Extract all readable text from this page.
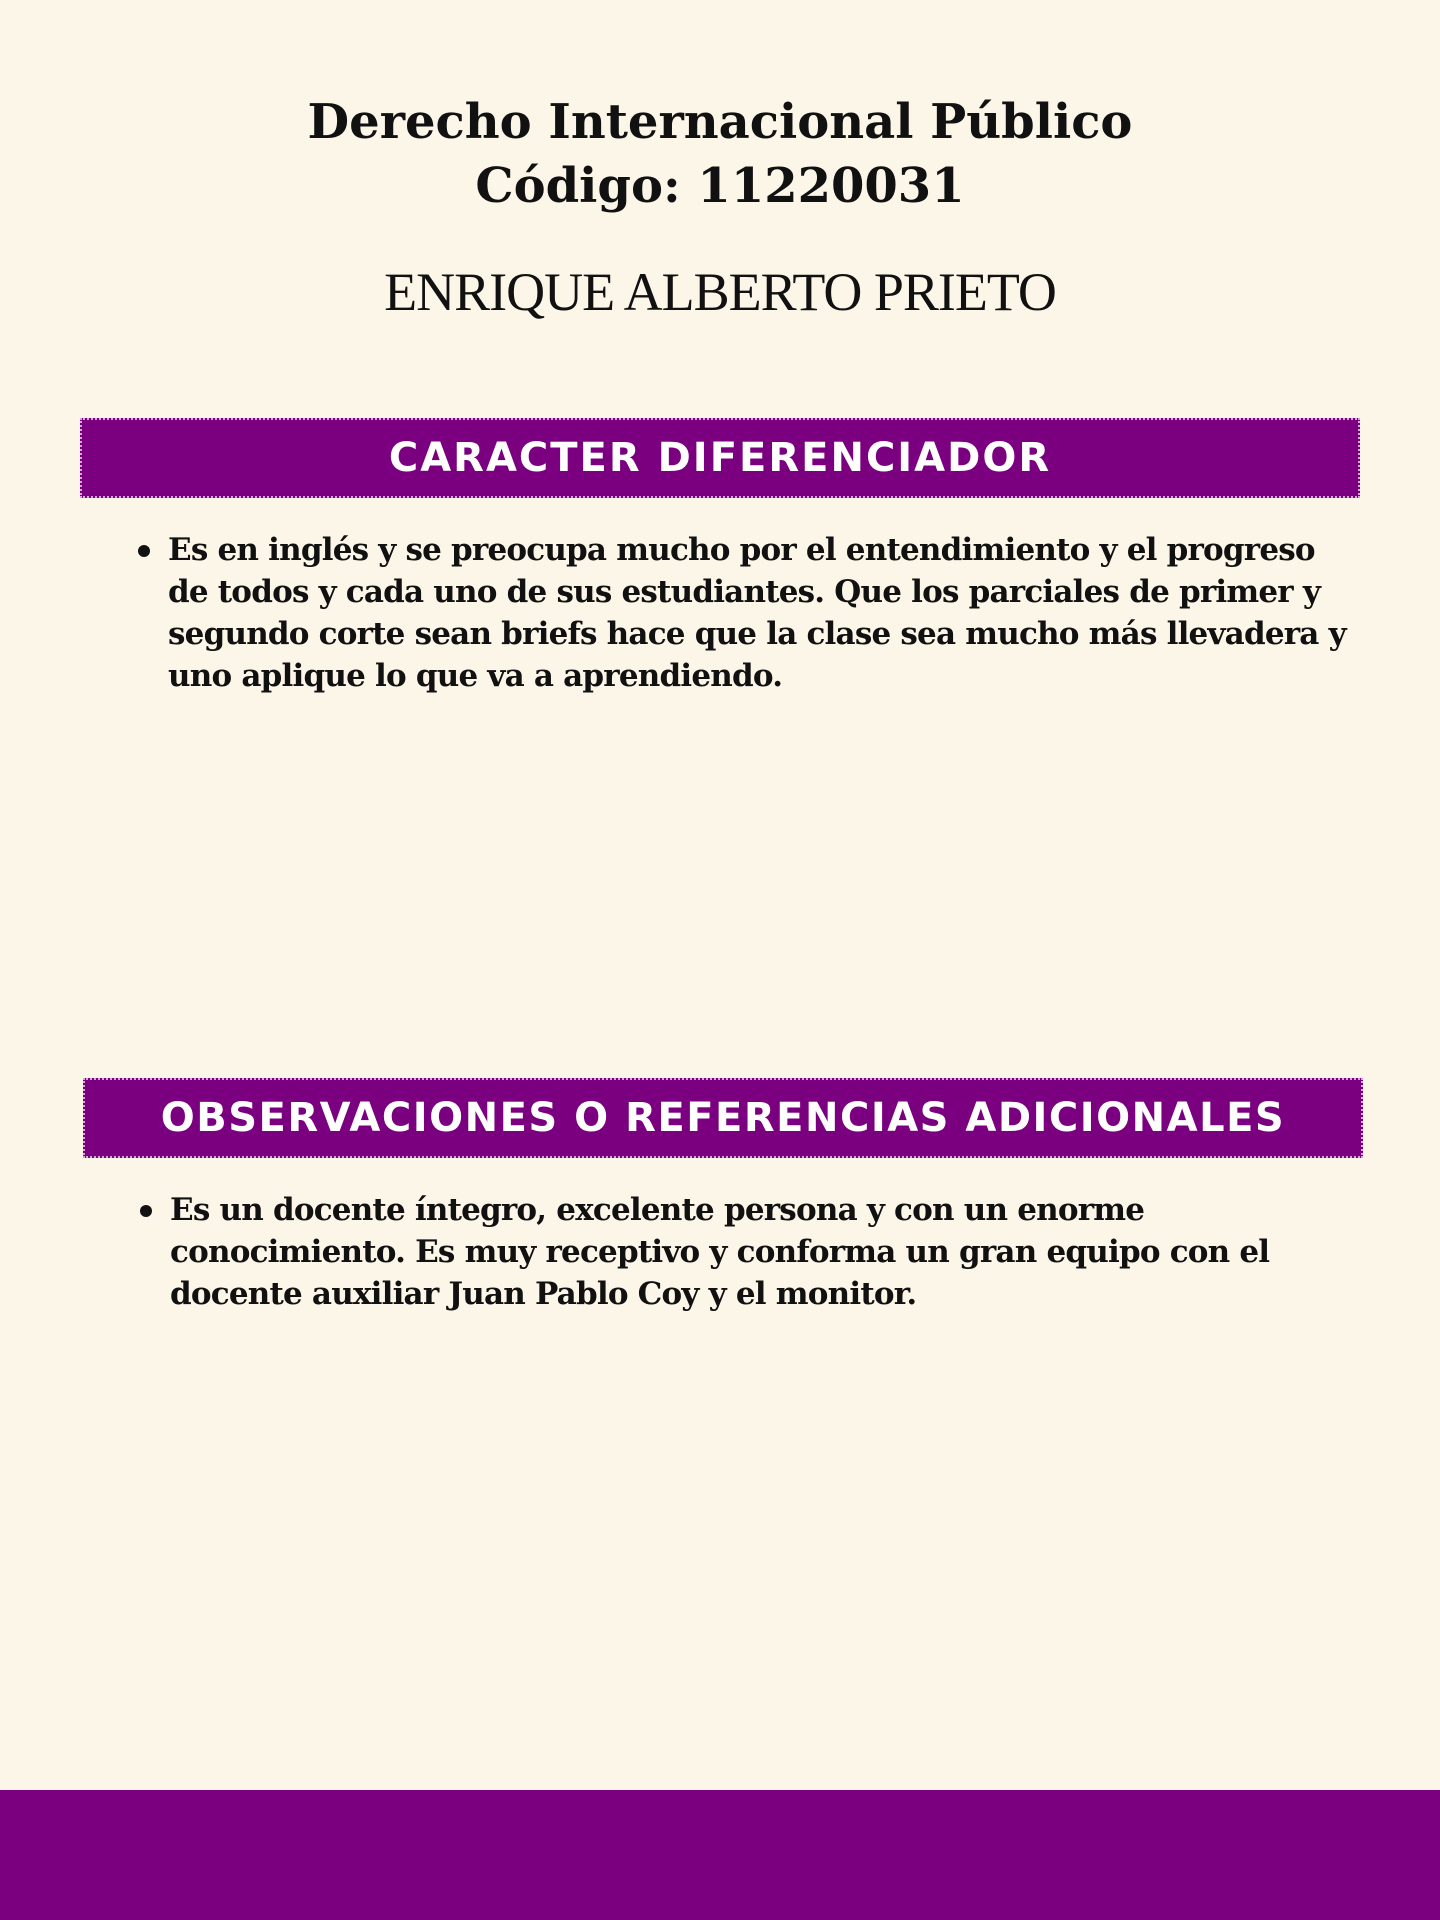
Derecho Internacional Público
Código: 11220031
ENRIQUE ALBERTO PRIETO
CARACTER DIFERENCIADOR
Es en inglés y se preocupa mucho por el entendimiento y el progreso de todos y cada uno de sus estudiantes. Que los parciales de primer y segundo corte sean briefs hace que la clase sea mucho más llevadera y uno aplique lo que va a aprendiendo.
OBSERVACIONES O REFERENCIAS ADICIONALES
Es un docente íntegro, excelente persona y con un enorme conocimiento. Es muy receptivo y conforma un gran equipo con el docente auxiliar Juan Pablo Coy y el monitor.
